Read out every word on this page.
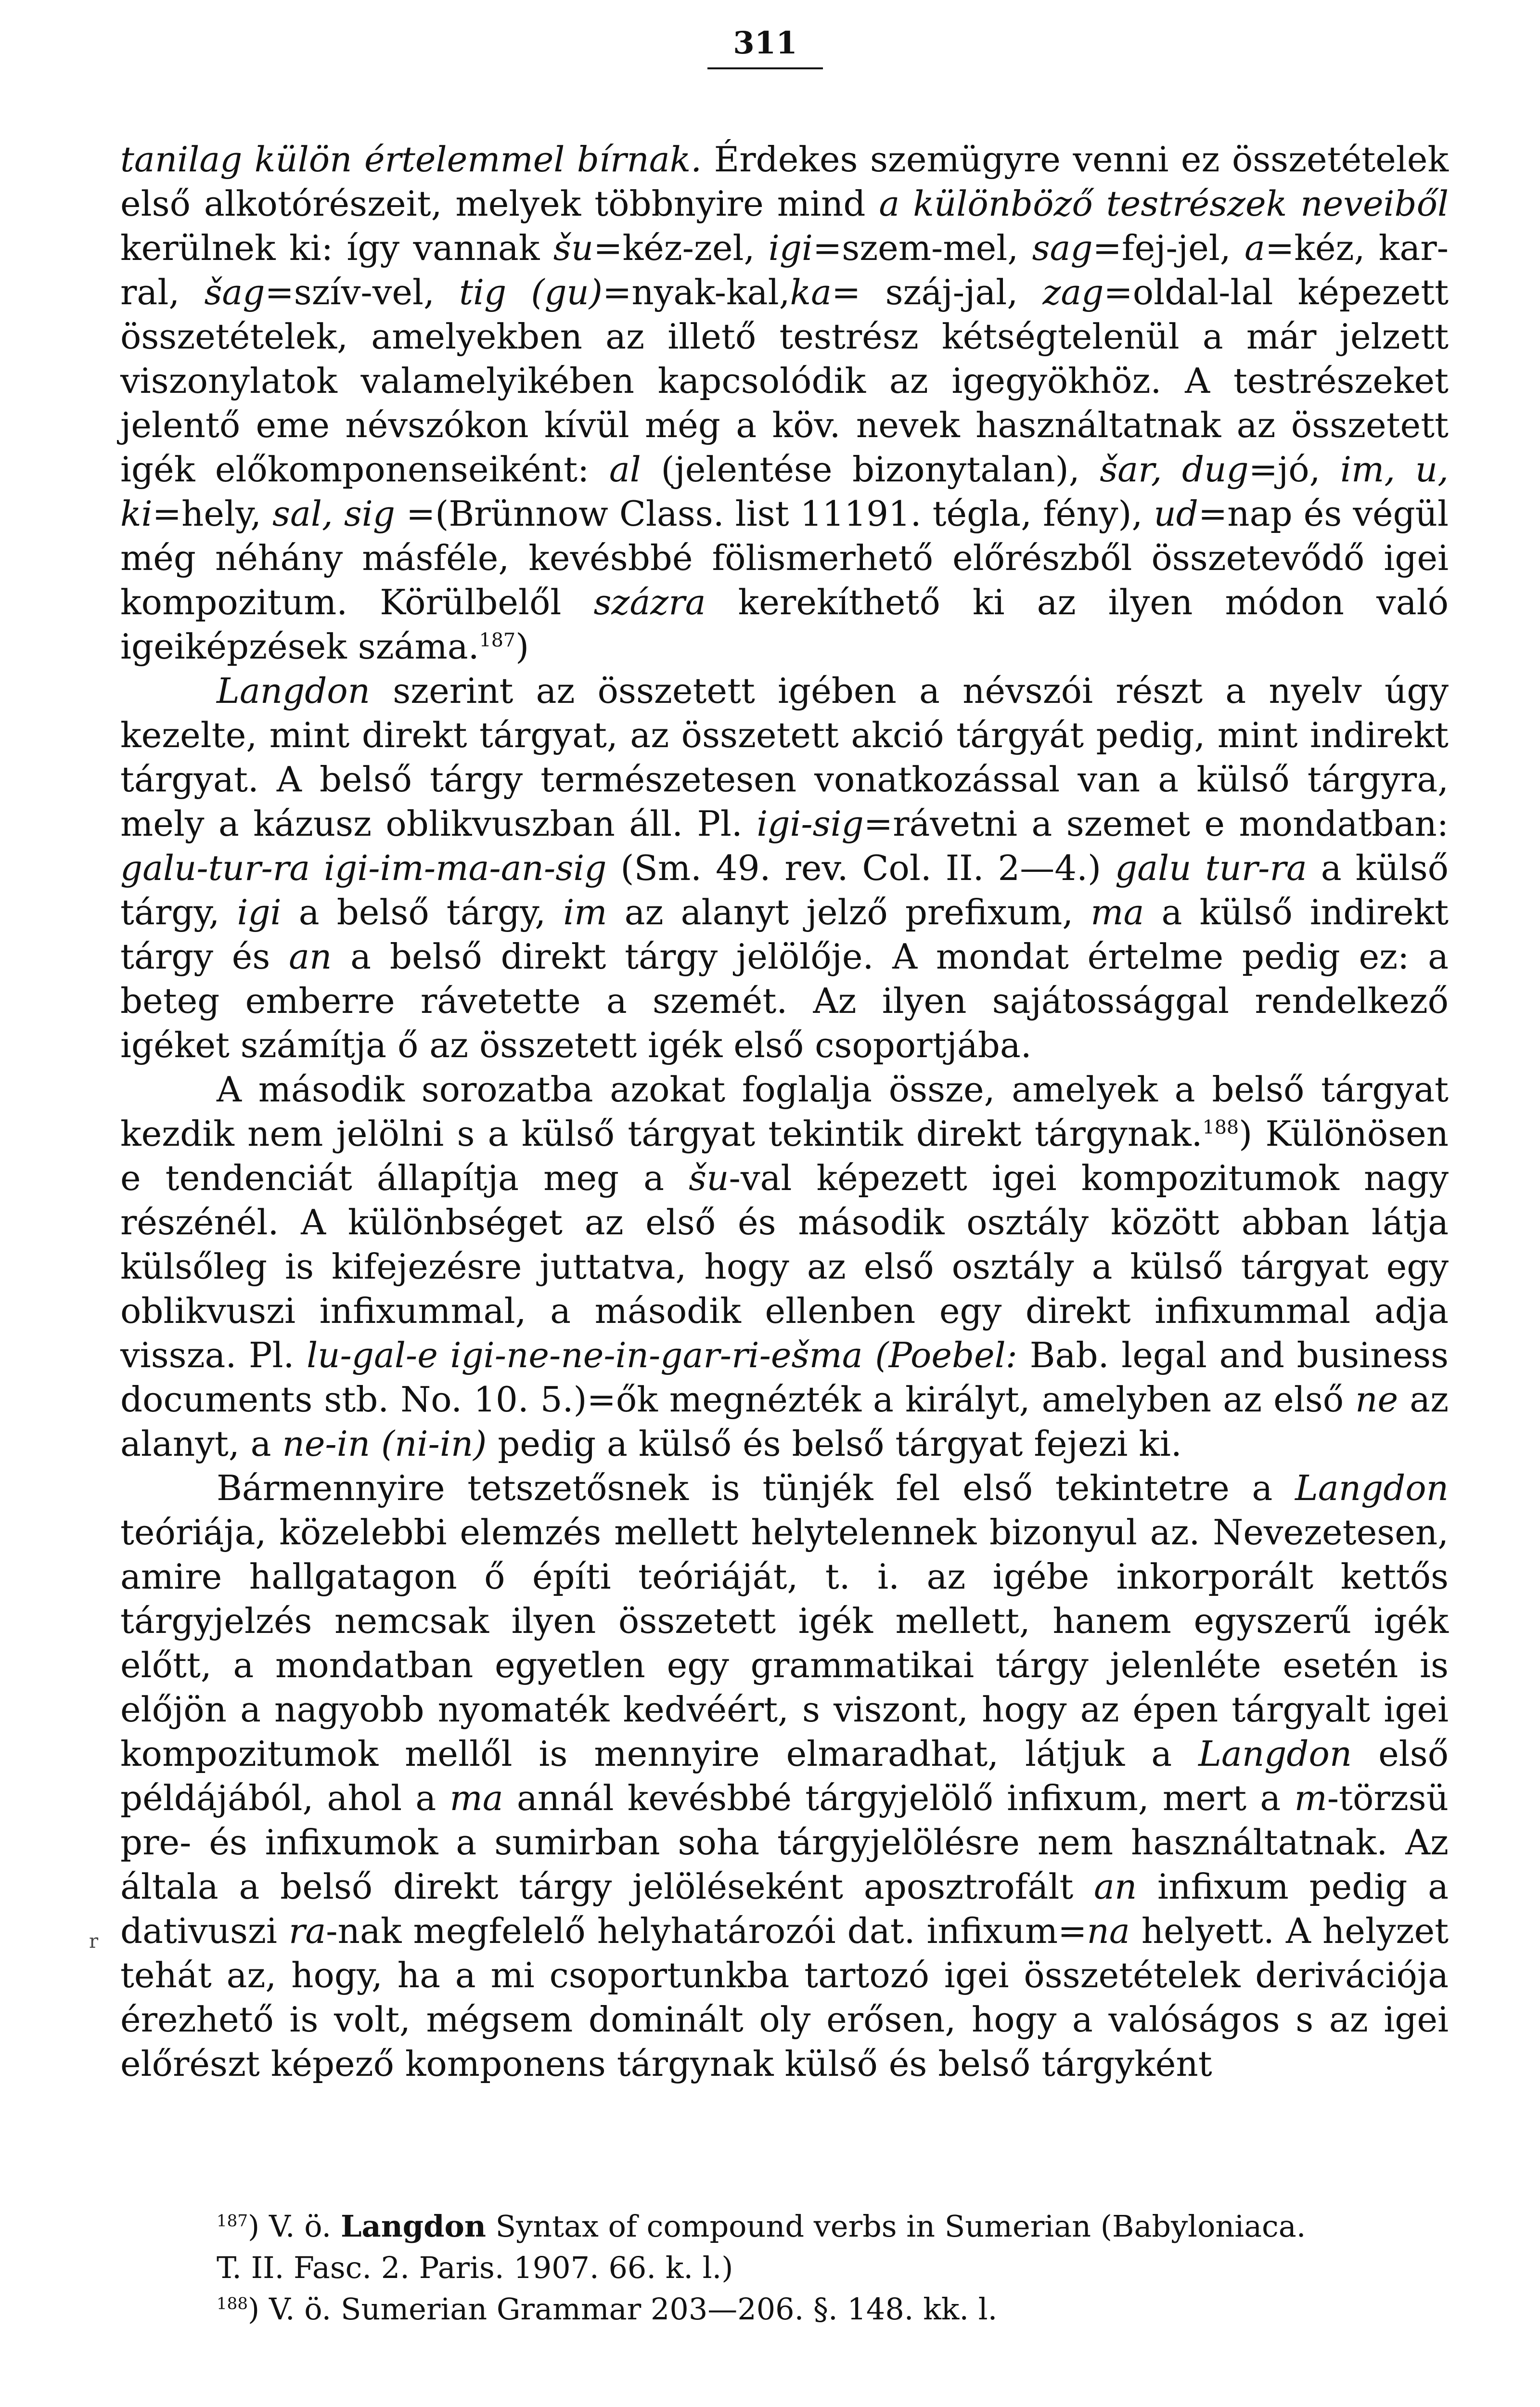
311

tanilag külön értelemmel bírnak. Érdekes szemügyre venni ez összetételek első alkotórészeit, melyek többnyire mind a különböző testrészek neveiből kerülnek ki: így vannak šu=kéz-zel, igi=szem-mel, sag=fej-jel, a=kéz, kar-ral, šag=szív-vel, tig (gu)=nyak-kal,ka= száj-jal, zag=oldal-lal képezett összetételek, amelyekben az illető testrész kétségtelenül a már jelzett viszonylatok valamelyikében kapcsolódik az igegyökhöz. A testrészeket jelentő eme névszókon kívül még a köv. nevek használtatnak az összetett igék előkomponenseiként: al (jelentése bizonytalan), šar, dug=jó, im, u, ki=hely, sal, sig =(Brünnow Class. list 11191. tégla, fény), ud=nap és végül még néhány másféle, kevésbbé fölismerhető előrészből összetevődő igei kompozitum. Körülbelől százra kerekíthető ki az ilyen módon való igeiképzések száma.$^{187}$)

Langdon szerint az összetett igében a névszói részt a nyelv úgy kezelte, mint direkt tárgyat, az összetett akció tárgyát pedig, mint indirekt tárgyat. A belső tárgy természetesen vonatkozással van a külső tárgyra, mely a kázusz oblikvuszban áll. Pl. igi-sig=rávetni a szemet e mondatban: galu-tur-ra igi-im-ma-an-sig (Sm. 49. rev. Col. II. 2—4.) galu tur-ra a külső tárgy, igi a belső tárgy, im az alanyt jelző prefixum, ma a külső indirekt tárgy és an a belső direkt tárgy jelölője. A mondat értelme pedig ez: a beteg emberre rávetette a szemét. Az ilyen sajátossággal rendelkező igéket számítja ő az összetett igék első csoportjába.

A második sorozatba azokat foglalja össze, amelyek a belső tárgyat kezdik nem jelölni s a külső tárgyat tekintik direkt tárgynak.$^{188}$) Különösen e tendenciát állapítja meg a šu-val képezett igei kompozitumok nagy részénél. A különbséget az első és második osztály között abban látja külsőleg is kifejezésre juttatva, hogy az első osztály a külső tárgyat egy oblikvuszi infixummal, a második ellenben egy direkt infixummal adja vissza. Pl. lu-gal-e igi-ne-ne-in-gar-ri-ešma (Poebel: Bab. legal and business documents stb. No. 10. 5.)=ők megnézték a királyt, amelyben az első ne az alanyt, a ne-in (ni-in) pedig a külső és belső tárgyat fejezi ki.

Bármennyire tetszetősnek is tünjék fel első tekintetre a Langdon teóriája, közelebbi elemzés mellett helytelennek bizonyul az. Nevezetesen, amire hallgatagon ő építi teóriáját, t. i. az igébe inkorporált kettős tárgyjelzés nemcsak ilyen összetett igék mellett, hanem egyszerű igék előtt, a mondatban egyetlen egy grammatikai tárgy jelenléte esetén is előjön a nagyobb nyomaték kedvéért, s viszont, hogy az épen tárgyalt igei kompozitumok mellől is mennyire elmaradhat, látjuk a Langdon első példájából, ahol a ma annál kevésbbé tárgyjelölő infixum, mert a m-törzsü pre- és infixumok a sumirban soha tárgyjelölésre nem használtatnak. Az általa a belső direkt tárgy jelöléseként aposztrofált an infixum pedig a dativuszi ra-nak megfelelő helyhatározói dat. infixum=na helyett. A helyzet tehát az, hogy, ha a mi csoportunkba tartozó igei összetételek derivációja érezhető is volt, mégsem dominált oly erősen, hogy a valóságos s az igei előrészt képező komponens tárgynak külső és belső tárgyként

r

$^{187}$) V. ö. Langdon Syntax of compound verbs in Sumerian (Babyloniaca.

T. II. Fasc. 2. Paris. 1907. 66. k. l.)

$^{188}$) V. ö. Sumerian Grammar 203—206. §. 148. kk. l.
